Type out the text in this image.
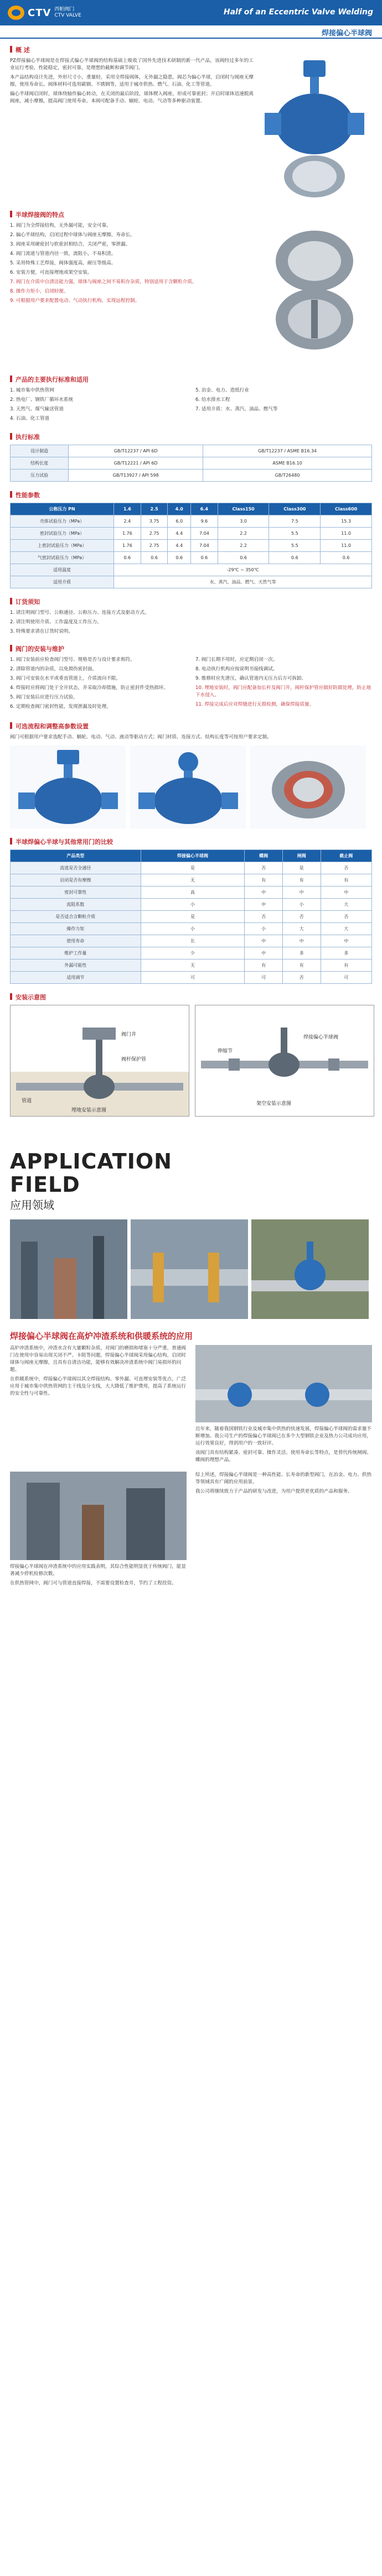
CTV 西帕阀门
CTV VALVE	Half of an Eccentric Valve Welding
焊接偏心半球阀
概 述

PZ焊接偏心半球阀是在焊接式偏心半球阀的结构基础上吸收了国外先进技术研制的新一代产品，该阀经过多年的工业运行考验，性能稳定，密封可靠，是理想的截断和调节阀门。

本产品结构设计先进，外形尺寸小，重量轻，采用全焊接阀体，无外漏之隐患，阀芯为偏心半球，启闭时与阀座无摩擦，使用寿命长。阀体材料可选用碳钢、不锈钢等，适用于城市供热、燃气、石油、化工等管道。

偏心半球阀启闭时，球体绕轴作偏心转动，在关闭的最后阶段，球体楔入阀座，形成可靠密封；开启时球体迅速脱离阀座，减小摩擦，提高阀门使用寿命。本阀可配备手动、蜗轮、电动、气动等多种驱动装置。

半球焊接阀的特点

1. 阀门为全焊接结构，无外漏可能，安全可靠。

2. 偏心半球结构，启闭过程中球体与阀座无摩擦，寿命长。

3. 阀座采用硬密封与软密封相结合，关闭严密，零泄漏。

4. 阀门流道与管道内径一致，流阻小，不易积渣。

5. 采用特殊工艺焊接，阀体强度高，耐压等级高。

6. 安装方便，可直接埋地或架空安装。

7. 阀门在介质中自清洁能力强，球体与阀座之间不易积存杂质，特别适用于含颗粒介质。

8. 操作力矩小，启闭轻便。

9. 可根据用户要求配置电动、气动执行机构，实现远程控制。

产品的主要执行标准和适用

1. 城市集中供热管网

2. 热电厂、钢铁厂循环水系统

3. 天然气、煤气输送管道

4. 石油、化工管道

5. 冶金、电力、造纸行业

6. 给水排水工程

7. 适用介质：水、蒸汽、油品、燃气等

执行标准
设计制造	GB/T12237 / API 6D	GB/T12237 / ASME B16.34
结构长度	GB/T12221 / API 6D	ASME B16.10
压力试验	GB/T13927 / API 598	GB/T26480
性能参数
公称压力 PN	1.6	2.5	4.0	6.4	Class150	Class300	Class600
壳体试验压力（MPa）	2.4	3.75	6.0	9.6	3.0	7.5	15.3
密封试验压力（MPa）	1.76	2.75	4.4	7.04	2.2	5.5	11.0
上密封试验压力（MPa）	1.76	2.75	4.4	7.04	2.2	5.5	11.0
气密封试验压力（MPa）	0.6	0.6	0.6	0.6	0.6	0.6	0.6
适用温度	-29℃ ~ 350℃						
适用介质	水、蒸汽、油品、燃气、天然气等						
订货须知

1. 请注明阀门型号、公称通径、公称压力、连接方式及驱动方式。

2. 请注明使用介质、工作温度及工作压力。

3. 特殊要求请在订货时说明。

阀门的安装与维护

1. 阀门安装前应检查阀门型号、规格是否与设计要求相符。

2. 清除管道内的杂质，以免损伤密封面。

3. 阀门可安装在水平或垂直管道上，介质流向不限。

4. 焊接时应将阀门处于全开状态，并采取冷却措施，防止密封件受热损坏。

5. 阀门安装后应进行压力试验。

6. 定期检查阀门密封性能，发现泄漏及时处理。

7. 阀门长期不用时，应定期启闭一次。

8. 电动执行机构应按说明书接线调试。

9. 维修时应先泄压，确认管道内无压力后方可拆卸。

10. 埋地安装时，阀门应配备加长杆及阀门井，阀杆保护管应做好防腐处理，防止地下水侵入。

11. 焊接完成后应对焊缝进行无损检测，确保焊接质量。

可选流程和调整高参数设置

阀门可根据用户要求选配手动、蜗轮、电动、气动、液动等驱动方式；阀门材质、连接方式、结构长度等可按用户要求定制。

半球焊偏心半球与其他常用门的比较
产品类型	焊接偏心半球阀	蝶阀	闸阀	截止阀
流道是否全通径	是	否	是	否
启闭是否有摩擦	无	有	有	有
密封可靠性	高	中	中	中
流阻系数	小	中	小	大
是否适合含颗粒介质	是	否	否	否
操作力矩	小	小	大	大
使用寿命	长	中	中	中
维护工作量	少	中	多	多
外漏可能性	无	有	有	有
适用调节	可	可	否	可
安装示意图
阀门井
阀杆保护管
管道
埋地安装示意图
伸缩节
焊接偏心半球阀
架空安装示意图
APPLICATION
FIELD
应用领域
焊接偏心半球阀在高炉冲渣系统和供暖系统的应用

高炉冲渣系统中，冲渣水含有大量颗粒杂质，对阀门的磨损和堵塞十分严重，普通阀门在使用中容易出现关闭不严、卡阻等问题。焊接偏心半球阀采用偏心结构，启闭时球体与阀座无摩擦，且具有自清洁功能，能够有效解决冲渣系统中阀门易损坏的问题。

在供暖系统中，焊接偏心半球阀以其全焊接结构、零外漏、可直埋安装等优点，广泛应用于城市集中供热管网的主干线及分支线，大大降低了维护费用，提高了系统运行的安全性与可靠性。

近年来，随着我国钢铁行业及城市集中供热的快速发展，焊接偏心半球阀的需求量不断增加。我公司生产的焊接偏心半球阀已在多个大型钢铁企业及热力公司成功应用，运行效果良好，得到用户的一致好评。

该阀门具有结构紧凑、密封可靠、操作灵活、使用寿命长等特点，是替代传统闸阀、蝶阀的理想产品。

焊接偏心半球阀在冲渣系统中的应用实践表明，其综合性能明显优于传统阀门，能显著减少停机检修次数。

在供热管网中，阀门可与管道直接焊接，不需要设置检查井，节约了工程投资。

综上所述，焊接偏心半球阀是一种高性能、长寿命的新型阀门，在冶金、电力、供热等领域具有广阔的应用前景。

我公司将继续致力于产品的研发与改进，为用户提供更优质的产品和服务。
